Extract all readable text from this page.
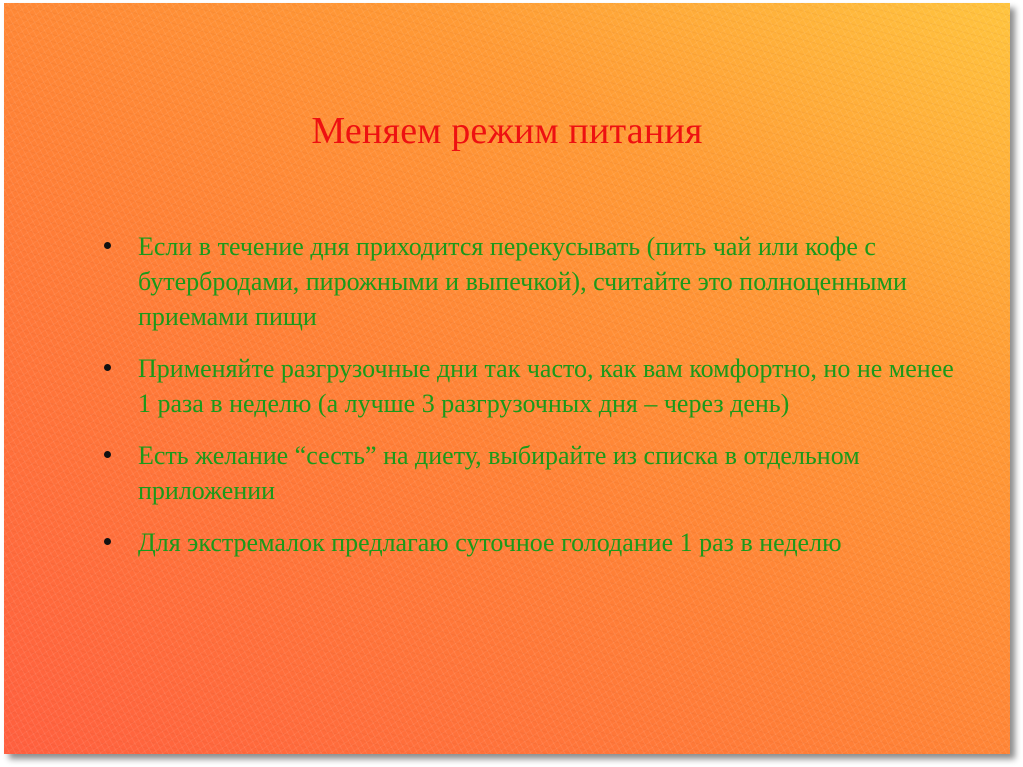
Меняем режим питания
Если в течение дня приходится перекусывать (пить чай или кофе с бутербродами, пирожными и выпечкой), считайте это полноценными приемами пищи
Применяйте разгрузочные дни так часто, как вам комфортно, но не менее 1 раза в неделю (а лучше 3 разгрузочных дня – через день)
Есть желание “сесть” на диету, выбирайте из списка в отдельном приложении
Для экстремалок предлагаю суточное голодание 1 раз в неделю
